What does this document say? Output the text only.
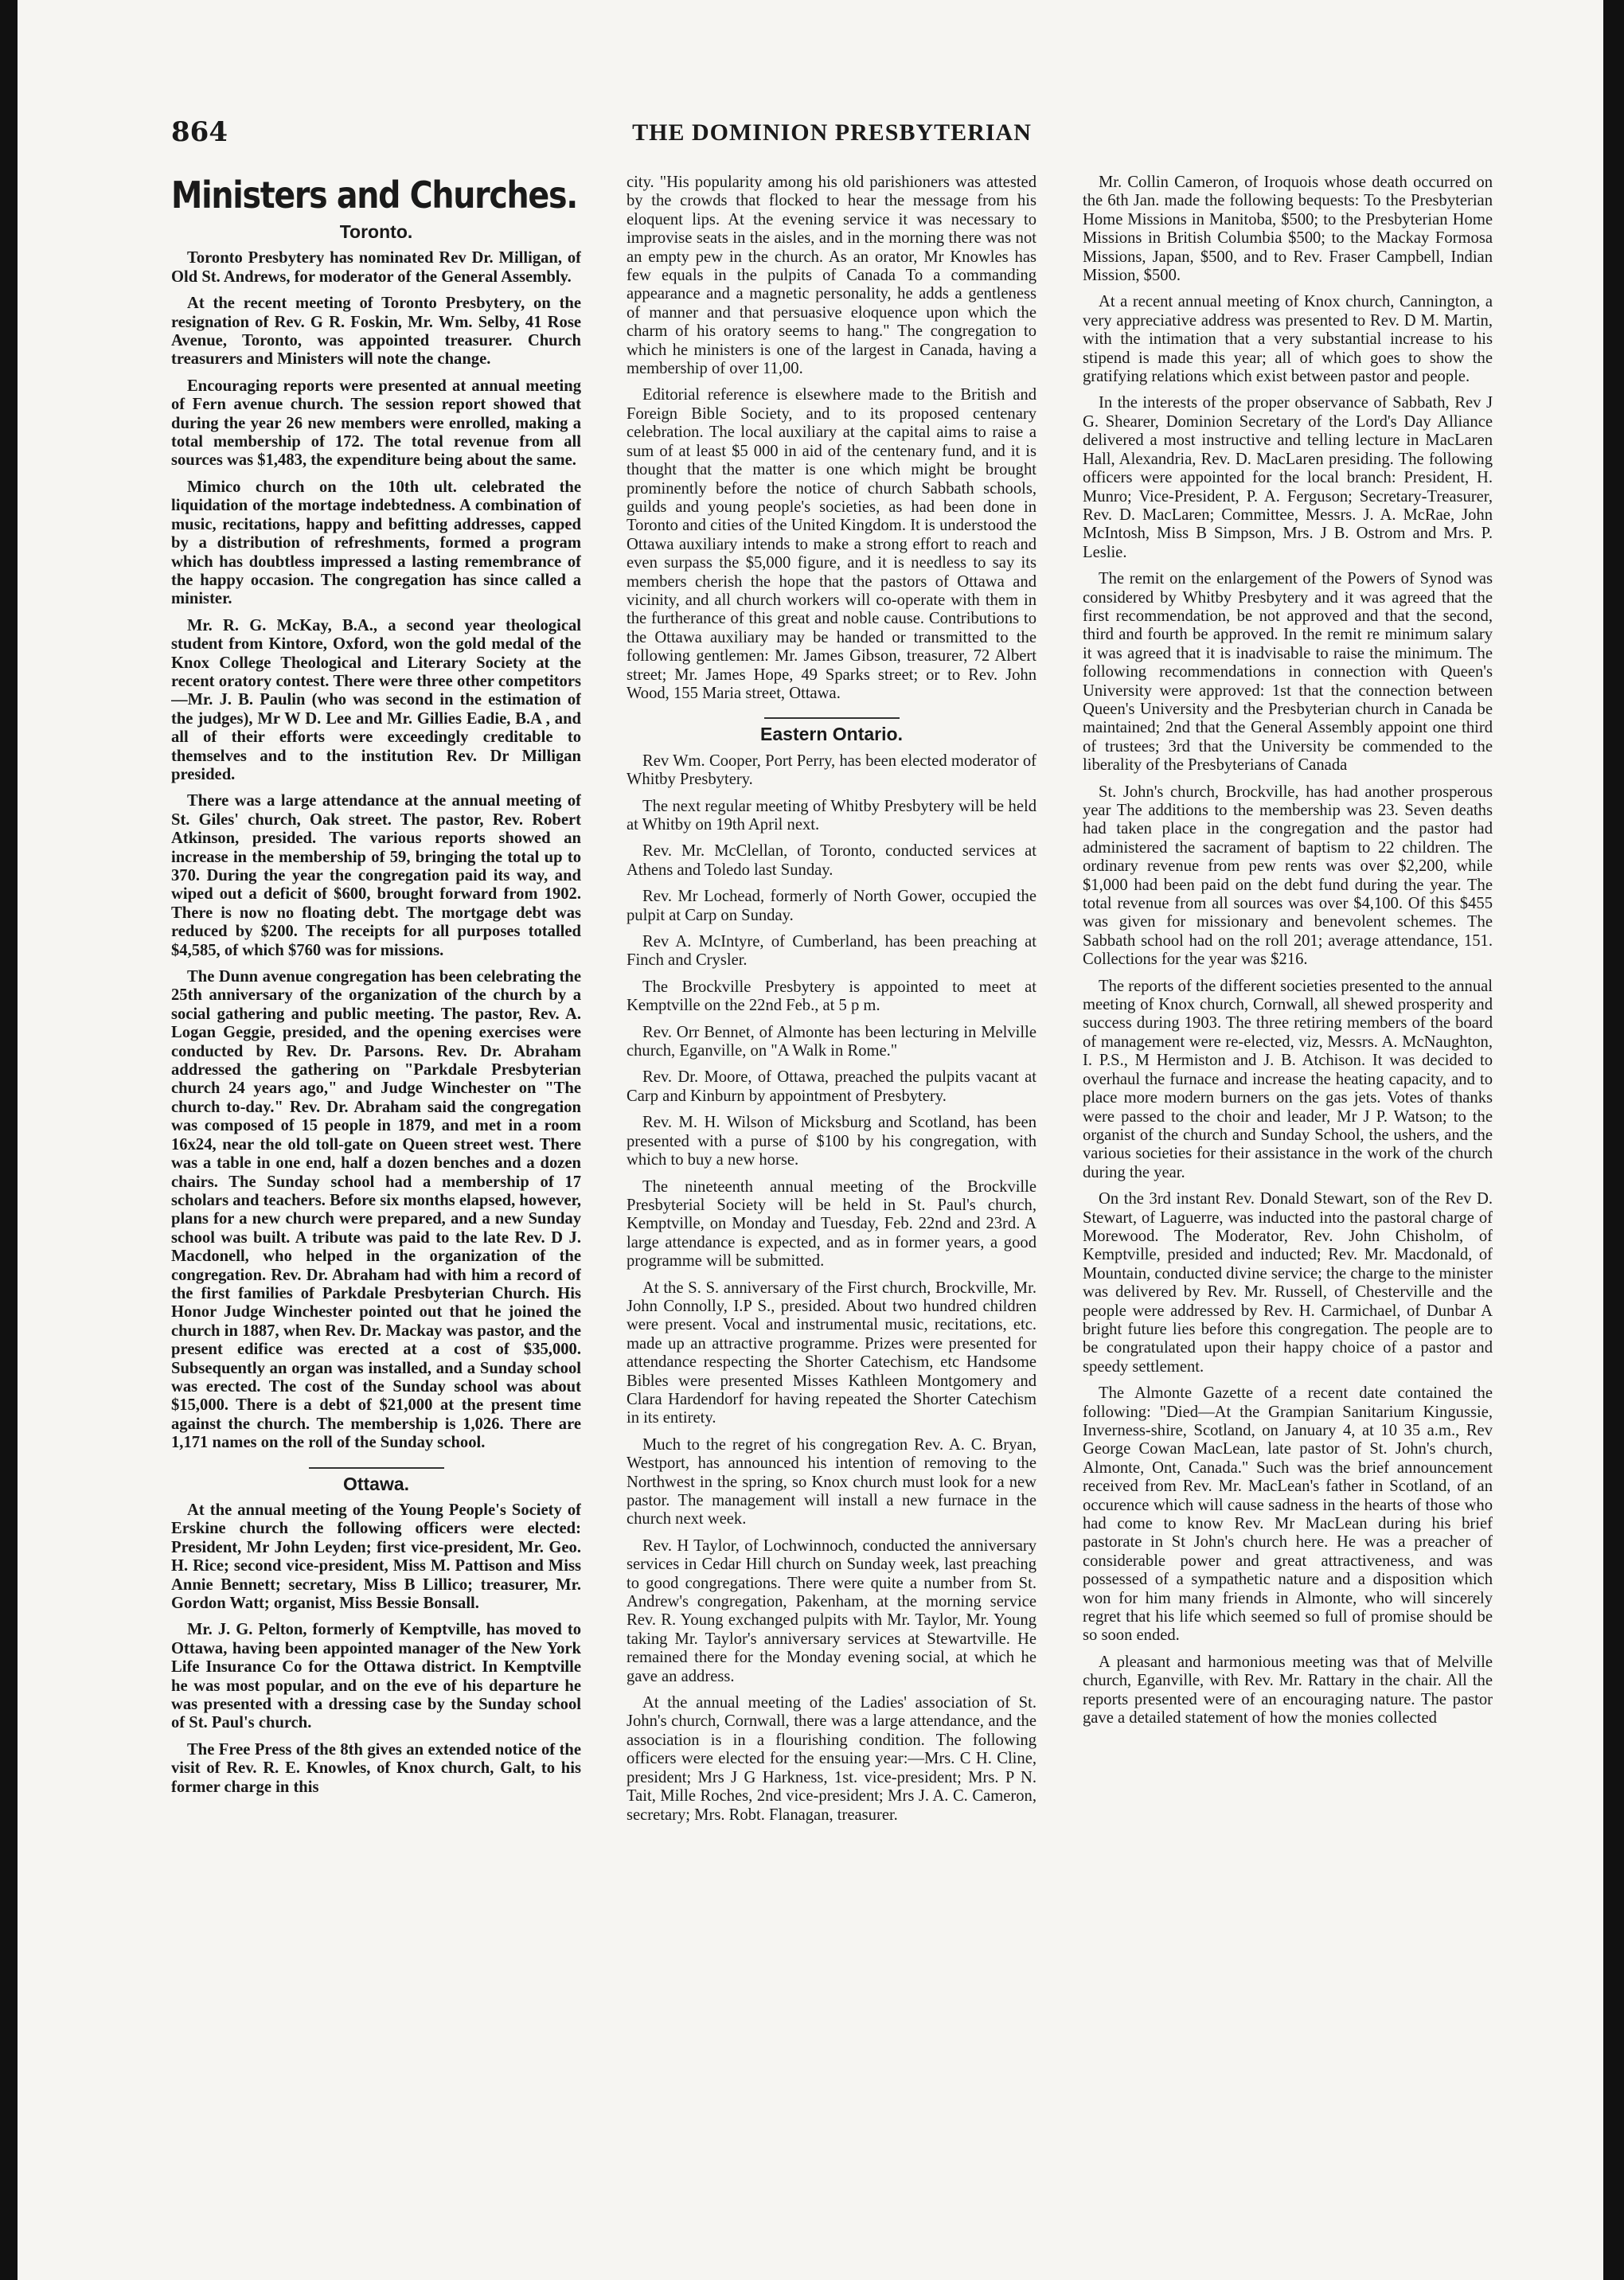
864	THE DOMINION PRESBYTERIAN
Ministers and Churches.
Toronto.

Toronto Presbytery has nominated Rev Dr. Milligan, of Old St. Andrews, for moderator of the General Assembly.

At the recent meeting of Toronto Presbytery, on the resignation of Rev. G R. Foskin, Mr. Wm. Selby, 41 Rose Avenue, Toronto, was appointed treasurer. Church treasurers and Ministers will note the change.

Encouraging reports were presented at annual meeting of Fern avenue church. The session report showed that during the year 26 new members were enrolled, making a total membership of 172. The total revenue from all sources was $1,483, the expenditure being about the same.

Mimico church on the 10th ult. celebrated the liquidation of the mortage indebtedness. A combination of music, recitations, happy and befitting addresses, capped by a distribution of refreshments, formed a program which has doubtless impressed a lasting remembrance of the happy occasion. The congregation has since called a minister.

Mr. R. G. McKay, B.A., a second year theological student from Kintore, Oxford, won the gold medal of the Knox College Theological and Literary Society at the recent oratory contest. There were three other competitors—Mr. J. B. Paulin (who was second in the estimation of the judges), Mr W D. Lee and Mr. Gillies Eadie, B.A , and all of their efforts were exceedingly creditable to themselves and to the institution Rev. Dr Milligan presided.

There was a large attendance at the annual meeting of St. Giles' church, Oak street. The pastor, Rev. Robert Atkinson, presided. The various reports showed an increase in the membership of 59, bringing the total up to 370. During the year the congregation paid its way, and wiped out a deficit of $600, brought forward from 1902. There is now no floating debt. The mortgage debt was reduced by $200. The receipts for all purposes totalled $4,585, of which $760 was for missions.

The Dunn avenue congregation has been celebrating the 25th anniversary of the organization of the church by a social gathering and public meeting. The pastor, Rev. A. Logan Geggie, presided, and the opening exercises were conducted by Rev. Dr. Parsons. Rev. Dr. Abraham addressed the gathering on "Parkdale Presbyterian church 24 years ago," and Judge Winchester on "The church to-day." Rev. Dr. Abraham said the congregation was composed of 15 people in 1879, and met in a room 16x24, near the old toll-gate on Queen street west. There was a table in one end, half a dozen benches and a dozen chairs. The Sunday school had a membership of 17 scholars and teachers. Before six months elapsed, however, plans for a new church were prepared, and a new Sunday school was built. A tribute was paid to the late Rev. D J. Macdonell, who helped in the organization of the congregation. Rev. Dr. Abraham had with him a record of the first families of Parkdale Presbyterian Church. His Honor Judge Winchester pointed out that he joined the church in 1887, when Rev. Dr. Mackay was pastor, and the present edifice was erected at a cost of $35,000. Subsequently an organ was installed, and a Sunday school was erected. The cost of the Sunday school was about $15,000. There is a debt of $21,000 at the present time against the church. The membership is 1,026. There are 1,171 names on the roll of the Sunday school.

Ottawa.

At the annual meeting of the Young People's Society of Erskine church the following officers were elected: President, Mr John Leyden; first vice-president, Mr. Geo. H. Rice; second vice-president, Miss M. Pattison and Miss Annie Bennett; secretary, Miss B Lillico; treasurer, Mr. Gordon Watt; organist, Miss Bessie Bonsall.

Mr. J. G. Pelton, formerly of Kemptville, has moved to Ottawa, having been appointed manager of the New York Life Insurance Co for the Ottawa district. In Kemptville he was most popular, and on the eve of his departure he was presented with a dressing case by the Sunday school of St. Paul's church.

The Free Press of the 8th gives an extended notice of the visit of Rev. R. E. Knowles, of Knox church, Galt, to his former charge in this

city. "His popularity among his old parishioners was attested by the crowds that flocked to hear the message from his eloquent lips. At the evening service it was necessary to improvise seats in the aisles, and in the morning there was not an empty pew in the church. As an orator, Mr Knowles has few equals in the pulpits of Canada To a commanding appearance and a magnetic personality, he adds a gentleness of manner and that persuasive eloquence upon which the charm of his oratory seems to hang." The congregation to which he ministers is one of the largest in Canada, having a membership of over 11,00.

Editorial reference is elsewhere made to the British and Foreign Bible Society, and to its proposed centenary celebration. The local auxiliary at the capital aims to raise a sum of at least $5 000 in aid of the centenary fund, and it is thought that the matter is one which might be brought prominently before the notice of church Sabbath schools, guilds and young people's societies, as had been done in Toronto and cities of the United Kingdom. It is understood the Ottawa auxiliary intends to make a strong effort to reach and even surpass the $5,000 figure, and it is needless to say its members cherish the hope that the pastors of Ottawa and vicinity, and all church workers will co-operate with them in the furtherance of this great and noble cause. Contributions to the Ottawa auxiliary may be handed or transmitted to the following gentlemen: Mr. James Gibson, treasurer, 72 Albert street; Mr. James Hope, 49 Sparks street; or to Rev. John Wood, 155 Maria street, Ottawa.

Eastern Ontario.

Rev Wm. Cooper, Port Perry, has been elected moderator of Whitby Presbytery.

The next regular meeting of Whitby Presbytery will be held at Whitby on 19th April next.

Rev. Mr. McClellan, of Toronto, conducted services at Athens and Toledo last Sunday.

Rev. Mr Lochead, formerly of North Gower, occupied the pulpit at Carp on Sunday.

Rev A. McIntyre, of Cumberland, has been preaching at Finch and Crysler.

The Brockville Presbytery is appointed to meet at Kemptville on the 22nd Feb., at 5 p m.

Rev. Orr Bennet, of Almonte has been lecturing in Melville church, Eganville, on "A Walk in Rome."

Rev. Dr. Moore, of Ottawa, preached the pulpits vacant at Carp and Kinburn by appointment of Presbytery.

Rev. M. H. Wilson of Micksburg and Scotland, has been presented with a purse of $100 by his congregation, with which to buy a new horse.

The nineteenth annual meeting of the Brockville Presbyterial Society will be held in St. Paul's church, Kemptville, on Monday and Tuesday, Feb. 22nd and 23rd. A large attendance is expected, and as in former years, a good programme will be submitted.

At the S. S. anniversary of the First church, Brockville, Mr. John Connolly, I.P S., presided. About two hundred children were present. Vocal and instrumental music, recitations, etc. made up an attractive programme. Prizes were presented for attendance respecting the Shorter Catechism, etc Handsome Bibles were presented Misses Kathleen Montgomery and Clara Hardendorf for having repeated the Shorter Catechism in its entirety.

Much to the regret of his congregation Rev. A. C. Bryan, Westport, has announced his intention of removing to the Northwest in the spring, so Knox church must look for a new pastor. The management will install a new furnace in the church next week.

Rev. H Taylor, of Lochwinnoch, conducted the anniversary services in Cedar Hill church on Sunday week, last preaching to good congregations. There were quite a number from St. Andrew's congregation, Pakenham, at the morning service Rev. R. Young exchanged pulpits with Mr. Taylor, Mr. Young taking Mr. Taylor's anniversary services at Stewartville. He remained there for the Monday evening social, at which he gave an address.

At the annual meeting of the Ladies' association of St. John's church, Cornwall, there was a large attendance, and the association is in a flourishing condition. The following officers were elected for the ensuing year:—Mrs. C H. Cline, president; Mrs J G Harkness, 1st. vice-president; Mrs. P N. Tait, Mille Roches, 2nd vice-president; Mrs J. A. C. Cameron, secretary; Mrs. Robt. Flanagan, treasurer.

Mr. Collin Cameron, of Iroquois whose death occurred on the 6th Jan. made the following bequests: To the Presbyterian Home Missions in Manitoba, $500; to the Presbyterian Home Missions in British Columbia $500; to the Mackay Formosa Missions, Japan, $500, and to Rev. Fraser Campbell, Indian Mission, $500.

At a recent annual meeting of Knox church, Cannington, a very appreciative address was presented to Rev. D M. Martin, with the intimation that a very substantial increase to his stipend is made this year; all of which goes to show the gratifying relations which exist between pastor and people.

In the interests of the proper observance of Sabbath, Rev J G. Shearer, Dominion Secretary of the Lord's Day Alliance delivered a most instructive and telling lecture in MacLaren Hall, Alexandria, Rev. D. MacLaren presiding. The following officers were appointed for the local branch: President, H. Munro; Vice-President, P. A. Ferguson; Secretary-Treasurer, Rev. D. MacLaren; Committee, Messrs. J. A. McRae, John McIntosh, Miss B Simpson, Mrs. J B. Ostrom and Mrs. P. Leslie.

The remit on the enlargement of the Powers of Synod was considered by Whitby Presbytery and it was agreed that the first recommendation, be not approved and that the second, third and fourth be approved. In the remit re minimum salary it was agreed that it is inadvisable to raise the minimum. The following recommendations in connection with Queen's University were approved: 1st that the connection between Queen's University and the Presbyterian church in Canada be maintained; 2nd that the General Assembly appoint one third of trustees; 3rd that the University be commended to the liberality of the Presbyterians of Canada

St. John's church, Brockville, has had another prosperous year The additions to the membership was 23. Seven deaths had taken place in the congregation and the pastor had administered the sacrament of baptism to 22 children. The ordinary revenue from pew rents was over $2,200, while $1,000 had been paid on the debt fund during the year. The total revenue from all sources was over $4,100. Of this $455 was given for missionary and benevolent schemes. The Sabbath school had on the roll 201; average attendance, 151. Collections for the year was $216.

The reports of the different societies presented to the annual meeting of Knox church, Cornwall, all shewed prosperity and success during 1903. The three retiring members of the board of management were re-elected, viz, Messrs. A. McNaughton, I. P.S., M Hermiston and J. B. Atchison. It was decided to overhaul the furnace and increase the heating capacity, and to place more modern burners on the gas jets. Votes of thanks were passed to the choir and leader, Mr J P. Watson; to the organist of the church and Sunday School, the ushers, and the various societies for their assistance in the work of the church during the year.

On the 3rd instant Rev. Donald Stewart, son of the Rev D. Stewart, of Laguerre, was inducted into the pastoral charge of Morewood. The Moderator, Rev. John Chisholm, of Kemptville, presided and inducted; Rev. Mr. Macdonald, of Mountain, conducted divine service; the charge to the minister was delivered by Rev. Mr. Russell, of Chesterville and the people were addressed by Rev. H. Carmichael, of Dunbar A bright future lies before this congregation. The people are to be congratulated upon their happy choice of a pastor and speedy settlement.

The Almonte Gazette of a recent date contained the following: "Died—At the Grampian Sanitarium Kingussie, Inverness-shire, Scotland, on January 4, at 10 35 a.m., Rev George Cowan MacLean, late pastor of St. John's church, Almonte, Ont, Canada." Such was the brief announcement received from Rev. Mr. MacLean's father in Scotland, of an occurence which will cause sadness in the hearts of those who had come to know Rev. Mr MacLean during his brief pastorate in St John's church here. He was a preacher of considerable power and great attractiveness, and was possessed of a sympathetic nature and a disposition which won for him many friends in Almonte, who will sincerely regret that his life which seemed so full of promise should be so soon ended.

A pleasant and harmonious meeting was that of Melville church, Eganville, with Rev. Mr. Rattary in the chair. All the reports presented were of an encouraging nature. The pastor gave a detailed statement of how the monies collected
